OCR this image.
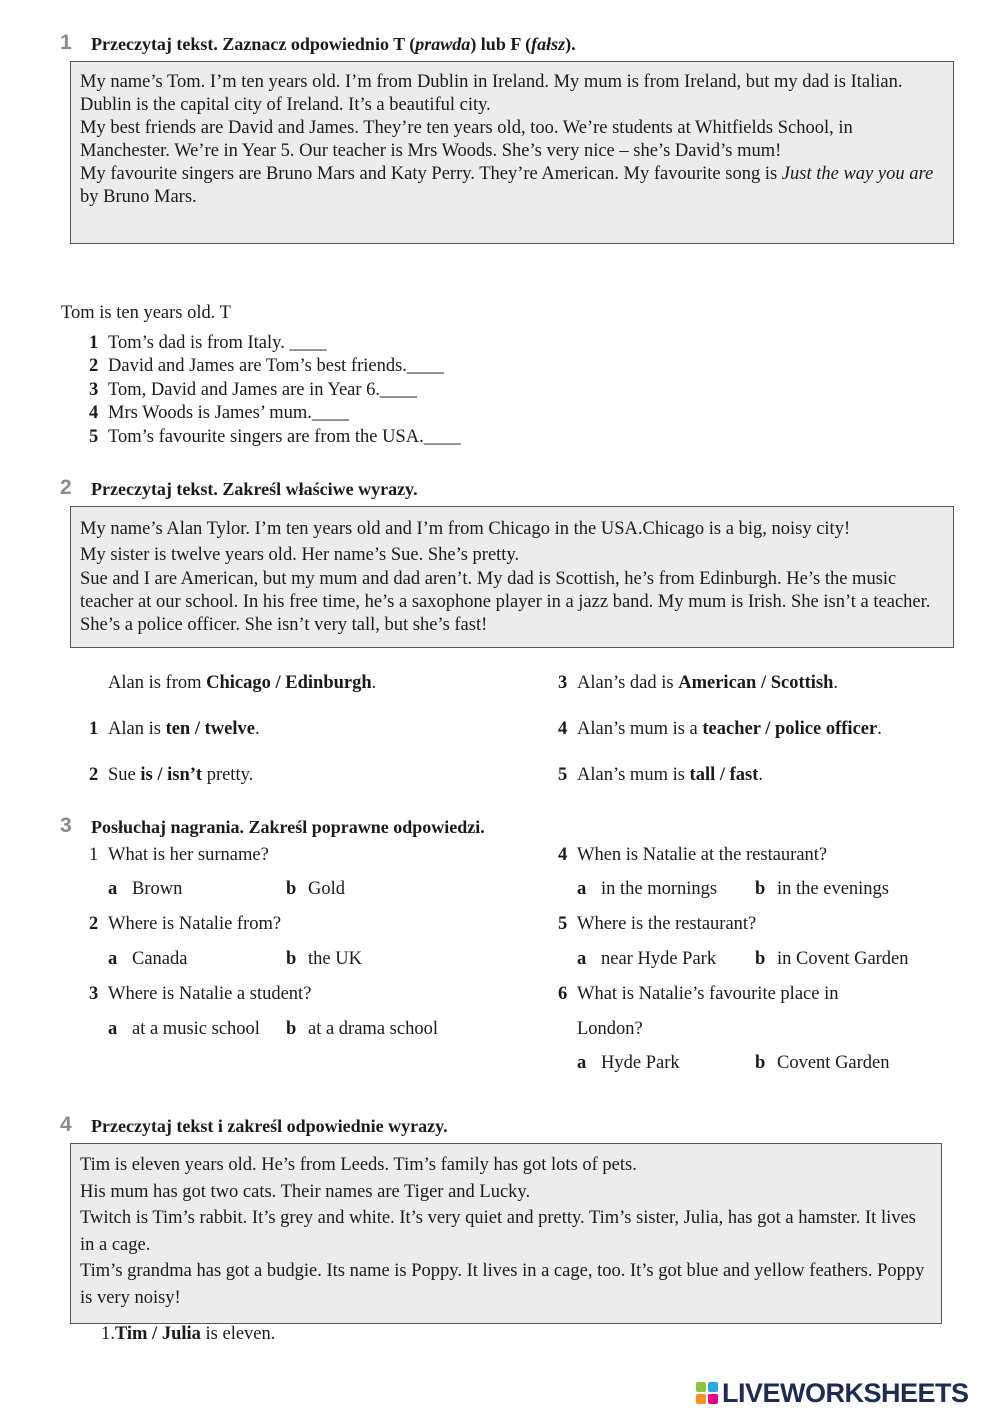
1 Przeczytaj tekst. Zaznacz odpowiednio T (prawda) lub F (fałsz).

My name’s Tom. I’m ten years old. I’m from Dublin in Ireland. My mum is from Ireland, but my dad is Italian.

Dublin is the capital city of Ireland. It’s a beautiful city.

My best friends are David and James. They’re ten years old, too. We’re students at Whitfields School, in Manchester. We’re in Year 5. Our teacher is Mrs Woods. She’s very nice – she’s David’s mum!

My favourite singers are Bruno Mars and Katy Perry. They’re American. My favourite song is Just the way you are by Bruno Mars.

Tom is ten years old. T
1 Tom’s dad is from Italy. ____
2 David and James are Tom’s best friends.____
3 Tom, David and James are in Year 6.____
4 Mrs Woods is James’ mum.____
5 Tom’s favourite singers are from the USA.____
2 Przeczytaj tekst. Zakreśl właściwe wyrazy.

My name’s Alan Tylor. I’m ten years old and I’m from Chicago in the USA.Chicago is a big, noisy city!

My sister is twelve years old. Her name’s Sue. She’s pretty.

Sue and I are American, but my mum and dad aren’t. My dad is Scottish, he’s from Edinburgh. He’s the music teacher at our school. In his free time, he’s a saxophone player in a jazz band. My mum is Irish. She isn’t a teacher. She’s a police officer. She isn’t very tall, but she’s fast!

Alan is from Chicago / Edinburgh.
1 Alan is ten / twelve.
2 Sue is / isn’t pretty.
3 Alan’s dad is American / Scottish.
4 Alan’s mum is a teacher / police officer.
5 Alan’s mum is tall / fast.
3 Posłuchaj nagrania. Zakreśl poprawne odpowiedzi.
1 What is her surname?
a Brown	b Gold
2 Where is Natalie from?
a Canada	b the UK
3 Where is Natalie a student?
a at a music school b at a drama school
4 When is Natalie at the restaurant?
a in the mornings b in the evenings
5 Where is the restaurant?
a near Hyde Park b in Covent Garden
6 What is Natalie’s favourite place in
London?
a Hyde Park	b Covent Garden
4 Przeczytaj tekst i zakreśl odpowiednie wyrazy.

Tim is eleven years old. He’s from Leeds. Tim’s family has got lots of pets.

His mum has got two cats. Their names are Tiger and Lucky.

Twitch is Tim’s rabbit. It’s grey and white. It’s very quiet and pretty. Tim’s sister, Julia, has got a hamster. It lives in a cage.

Tim’s grandma has got a budgie. Its name is Poppy. It lives in a cage, too. It’s got blue and yellow feathers. Poppy is very noisy!

1.Tim / Julia is eleven.
LIVEWORKSHEETS
